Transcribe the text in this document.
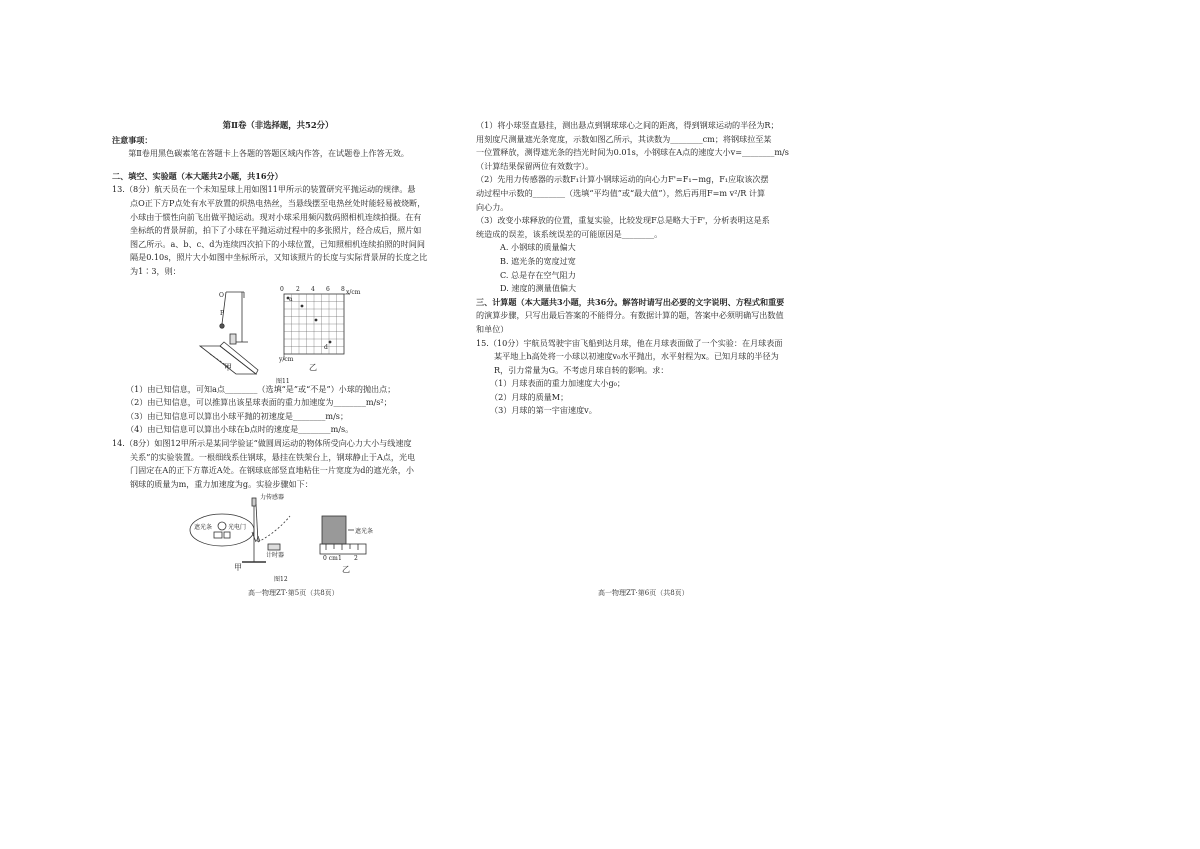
第Ⅱ卷（非选择题，共52分）

注意事项：

第Ⅱ卷用黑色碳素笔在答题卡上各题的答题区域内作答，在试题卷上作答无效。

二、填空、实验题（本大题共2小题，共16分）

13.（8分）航天员在一个未知星球上用如图11甲所示的装置研究平抛运动的规律。悬

点O正下方P点处有水平放置的炽热电热丝，当悬线摆至电热丝处时能轻易被烧断，

小球由于惯性向前飞出做平抛运动。现对小球采用频闪数码照相机连续拍摄。在有

坐标纸的背景屏前，拍下了小球在平抛运动过程中的多张照片，经合成后，照片如

图乙所示。a、b、c、d为连续四次拍下的小球位置，已知照相机连续拍照的时间间

隔是0.10s，照片大小如图中坐标所示，又知该照片的长度与实际背景屏的长度之比

为1∶3，则：

（1）由已知信息，可知a点________（选填“是”或“不是”）小球的抛出点；

（2）由已知信息，可以推算出该星球表面的重力加速度为________m/s²；

（3）由已知信息可以算出小球平抛的初速度是________m/s；

（4）由已知信息可以算出小球在b点时的速度是________m/s。

14.（8分）如图12甲所示是某同学验证“做圆周运动的物体所受向心力大小与线速度

关系”的实验装置。一根细线系住钢球，悬挂在铁架台上，钢球静止于A点，光电

门固定在A的正下方靠近A处。在钢球底部竖直地粘住一片宽度为d的遮光条，小

钢球的质量为m，重力加速度为g。实验步骤如下：

O
P
x/cm
y/cm
0 2 4 6 8
a
d
甲	乙
图11
力传感器
遮光条	光电门
A
计时器
遮光条
0 cm 1 2
甲	乙
图12
高一物理ZT·第5页（共8页）

（1）将小球竖直悬挂，测出悬点到钢球球心之间的距离，得到钢球运动的半径为R；

用刻度尺测量遮光条宽度，示数如图乙所示，其读数为________cm；将钢球拉至某

一位置释放，测得遮光条的挡光时间为0.01s，小钢球在A点的速度大小v=________m/s

（计算结果保留两位有效数字）。

（2）先用力传感器的示数F₁计算小钢球运动的向心力F'=F₁−mg，F₁应取该次摆

动过程中示数的________（选填“平均值”或“最大值”），然后再用F=m v²/R 计算

向心力。

（3）改变小球释放的位置，重复实验，比较发现F总是略大于F'，分析表明这是系

统造成的误差，该系统误差的可能原因是________。

A. 小钢球的质量偏大

B. 遮光条的宽度过宽

C. 总是存在空气阻力

D. 速度的测量值偏大

三、计算题（本大题共3小题，共36分。解答时请写出必要的文字说明、方程式和重要

的演算步骤，只写出最后答案的不能得分。有数据计算的题，答案中必须明确写出数值

和单位）

15.（10分）宇航员驾驶宇宙飞船到达月球，他在月球表面做了一个实验：在月球表面

某平地上h高处将一小球以初速度v₀水平抛出，水平射程为x。已知月球的半径为

R，引力常量为G。不考虑月球自转的影响。求：

（1）月球表面的重力加速度大小g₀；

（2）月球的质量M；

（3）月球的第一宇宙速度v。

高一物理ZT·第6页（共8页）
